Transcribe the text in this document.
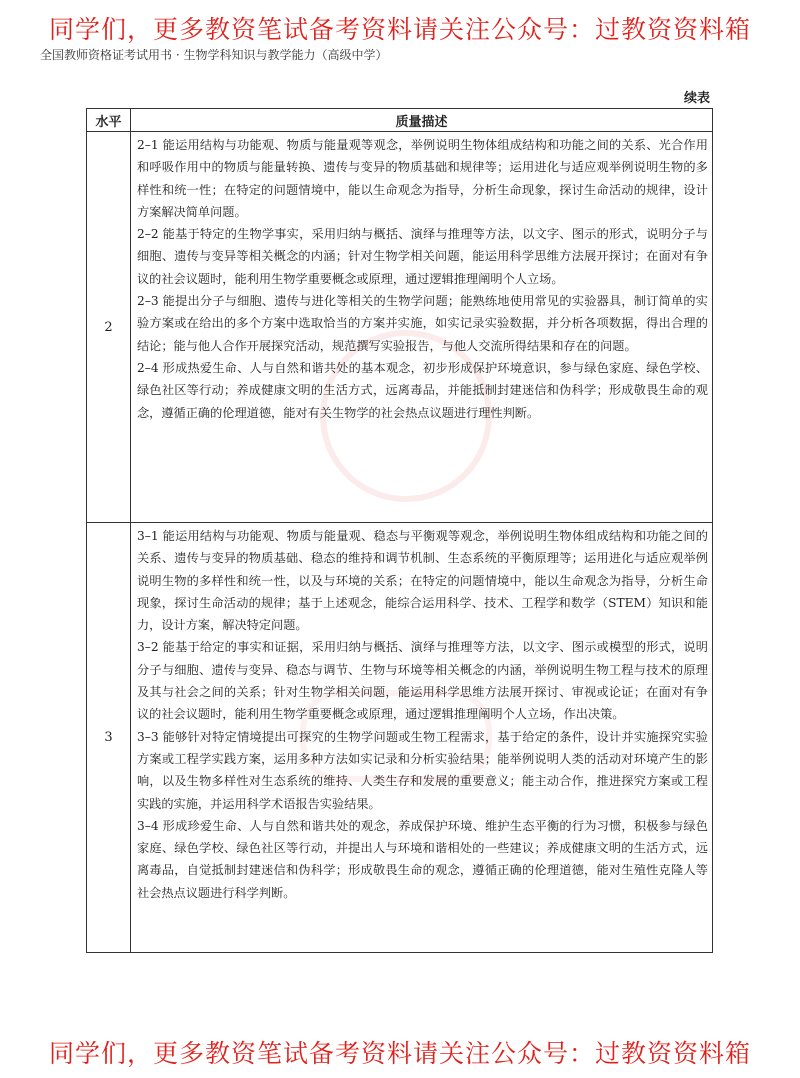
同学们，更多教资笔试备考资料请关注公众号：过教资资料箱
全国教师资格证考试用书 · 生物学科知识与教学能力（高级中学）
续表
水平	质量描述
2	2–1 能运用结构与功能观、物质与能量观等观念，举例说明生物体组成结构和功能之间的关系、光合作用和呼吸作用中的物质与能量转换、遗传与变异的物质基础和规律等；运用进化与适应观举例说明生物的多样性和统一性；在特定的问题情境中，能以生命观念为指导，分析生命现象，探讨生命活动的规律，设计方案解决简单问题。

2–2 能基于特定的生物学事实，采用归纳与概括、演绎与推理等方法，以文字、图示的形式，说明分子与细胞、遗传与变异等相关概念的内涵；针对生物学相关问题，能运用科学思维方法展开探讨；在面对有争议的社会议题时，能利用生物学重要概念或原理，通过逻辑推理阐明个人立场。

2–3 能提出分子与细胞、遗传与进化等相关的生物学问题；能熟练地使用常见的实验器具，制订简单的实验方案或在给出的多个方案中选取恰当的方案并实施，如实记录实验数据，并分析各项数据，得出合理的结论；能与他人合作开展探究活动，规范撰写实验报告，与他人交流所得结果和存在的问题。

2–4 形成热爱生命、人与自然和谐共处的基本观念，初步形成保护环境意识，参与绿色家庭、绿色学校、绿色社区等行动；养成健康文明的生活方式，远离毒品，并能抵制封建迷信和伪科学；形成敬畏生命的观念，遵循正确的伦理道德，能对有关生物学的社会热点议题进行理性判断。

3	3–1 能运用结构与功能观、物质与能量观、稳态与平衡观等观念，举例说明生物体组成结构和功能之间的关系、遗传与变异的物质基础、稳态的维持和调节机制、生态系统的平衡原理等；运用进化与适应观举例说明生物的多样性和统一性，以及与环境的关系；在特定的问题情境中，能以生命观念为指导，分析生命现象，探讨生命活动的规律；基于上述观念，能综合运用科学、技术、工程学和数学（STEM）知识和能力，设计方案，解决特定问题。

3–2 能基于给定的事实和证据，采用归纳与概括、演绎与推理等方法，以文字、图示或模型的形式，说明分子与细胞、遗传与变异、稳态与调节、生物与环境等相关概念的内涵，举例说明生物工程与技术的原理及其与社会之间的关系；针对生物学相关问题，能运用科学思维方法展开探讨、审视或论证；在面对有争议的社会议题时，能利用生物学重要概念或原理，通过逻辑推理阐明个人立场，作出决策。

3–3 能够针对特定情境提出可探究的生物学问题或生物工程需求，基于给定的条件，设计并实施探究实验方案或工程学实践方案，运用多种方法如实记录和分析实验结果；能举例说明人类的活动对环境产生的影响，以及生物多样性对生态系统的维持、人类生存和发展的重要意义；能主动合作，推进探究方案或工程实践的实施，并运用科学术语报告实验结果。

3–4 形成珍爱生命、人与自然和谐共处的观念，养成保护环境、维护生态平衡的行为习惯，积极参与绿色家庭、绿色学校、绿色社区等行动，并提出人与环境和谐相处的一些建议；养成健康文明的生活方式，远离毒品，自觉抵制封建迷信和伪科学；形成敬畏生命的观念，遵循正确的伦理道德，能对生殖性克隆人等社会热点议题进行科学判断。

同学们，更多教资笔试备考资料请关注公众号：过教资资料箱
